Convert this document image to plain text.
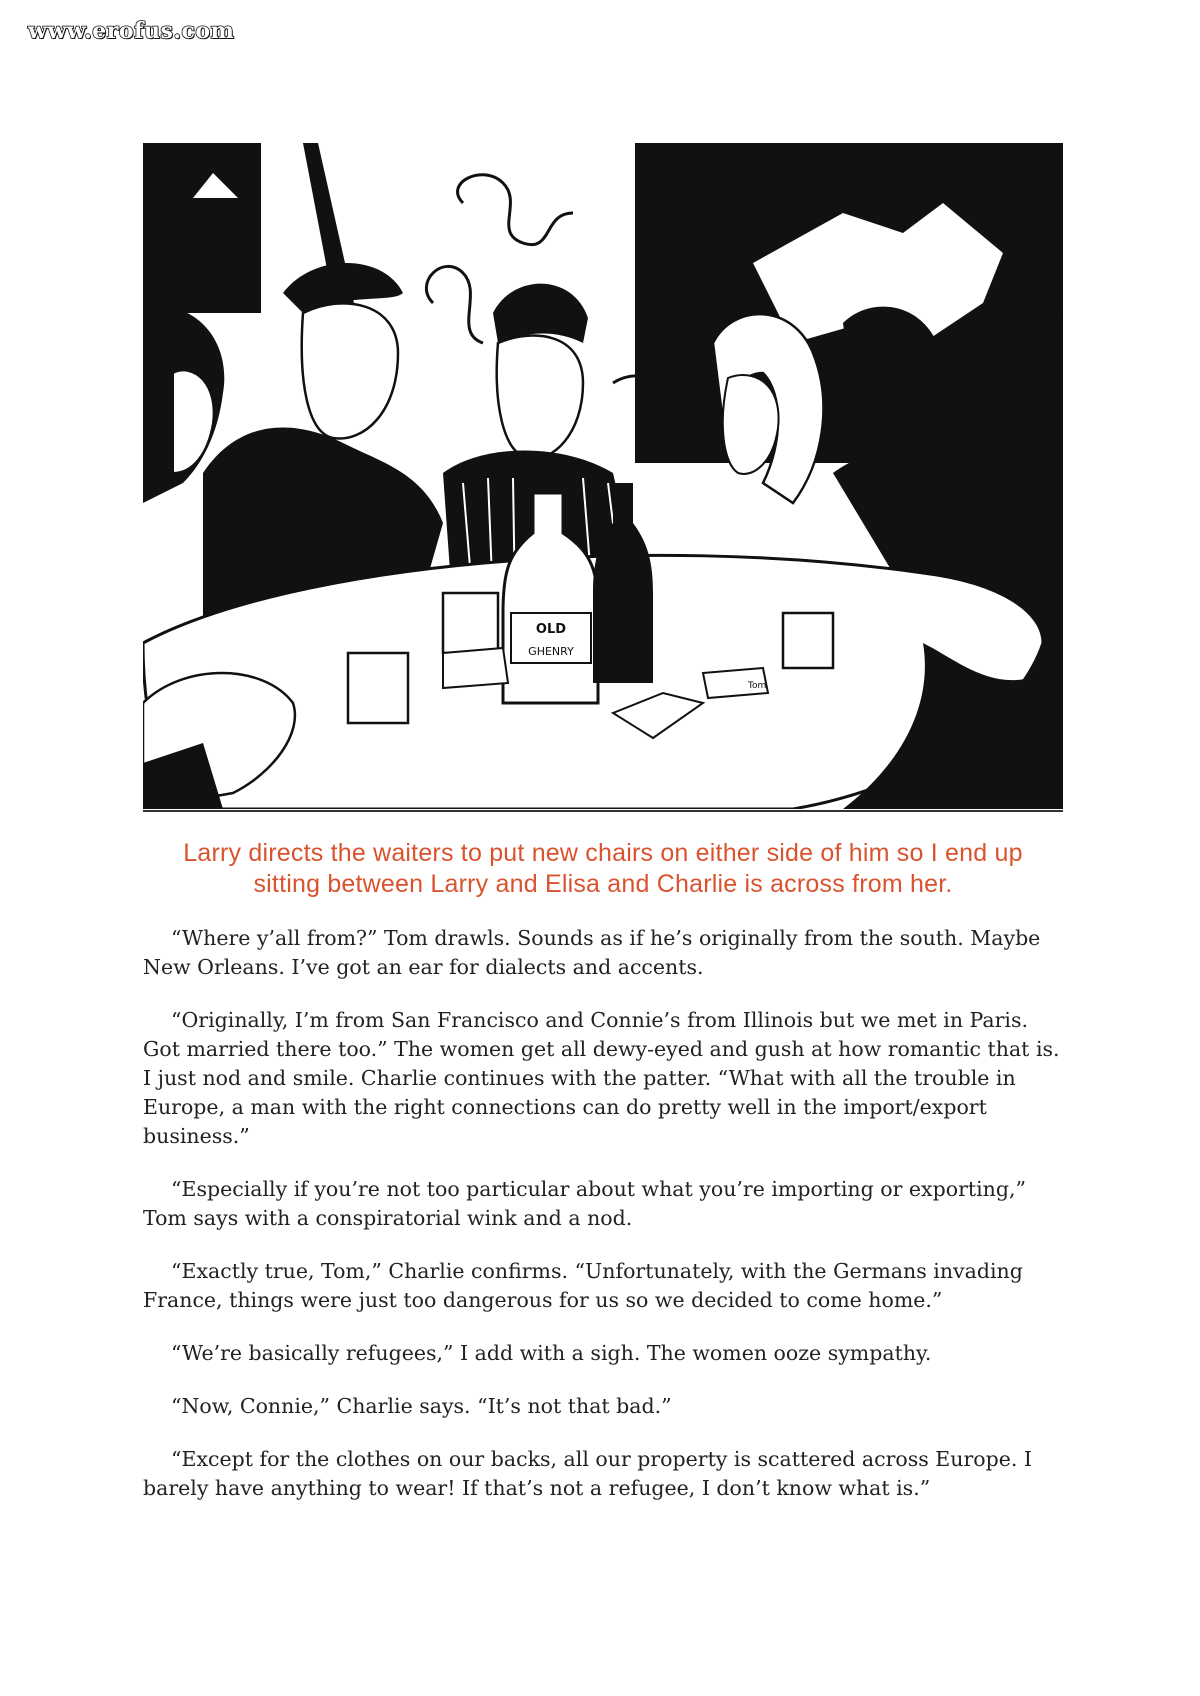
www.erofus.com
OLD
GHENRY
Tom
Larry directs the waiters to put new chairs on either side of him so I end up
sitting between Larry and Elisa and Charlie is across from her.

“Where y’all from?” Tom drawls. Sounds as if he’s originally from the south. Maybe New Orleans. I’ve got an ear for dialects and accents.

“Originally, I’m from San Francisco and Connie’s from Illinois but we met in Paris. Got married there too.” The women get all dewy-eyed and gush at how romantic that is. I just nod and smile. Charlie continues with the patter. “What with all the trouble in Europe, a man with the right connections can do pretty well in the import/export business.”

“Especially if you’re not too particular about what you’re importing or exporting,” Tom says with a conspiratorial wink and a nod.

“Exactly true, Tom,” Charlie confirms. “Unfortunately, with the Germans invading France, things were just too dangerous for us so we decided to come home.”

“We’re basically refugees,” I add with a sigh. The women ooze sympathy.

“Now, Connie,” Charlie says. “It’s not that bad.”

“Except for the clothes on our backs, all our property is scattered across Europe. I barely have anything to wear! If that’s not a refugee, I don’t know what is.”
